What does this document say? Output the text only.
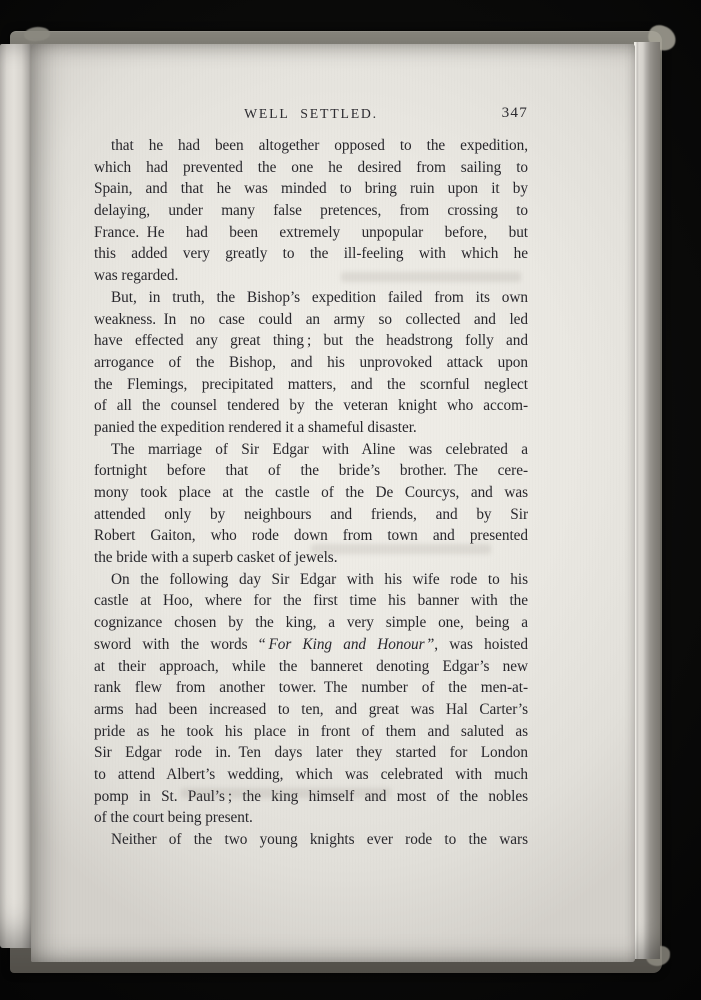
WELL SETTLED.	347
that he had been altogether opposed to the expedition,
which had prevented the one he desired from sailing to
Spain, and that he was minded to bring ruin upon it by
delaying, under many false pretences, from crossing to
France. He had been extremely unpopular before, but
this added very greatly to the ill-feeling with which he
was regarded.
But, in truth, the Bishop’s expedition failed from its own
weakness. In no case could an army so collected and led
have effected any great thing ; but the headstrong folly and
arrogance of the Bishop, and his unprovoked attack upon
the Flemings, precipitated matters, and the scornful neglect
of all the counsel tendered by the veteran knight who accom-
panied the expedition rendered it a shameful disaster.
The marriage of Sir Edgar with Aline was celebrated a
fortnight before that of the bride’s brother. The cere-
mony took place at the castle of the De Courcys, and was
attended only by neighbours and friends, and by Sir
Robert Gaiton, who rode down from town and presented
the bride with a superb casket of jewels.
On the following day Sir Edgar with his wife rode to his
castle at Hoo, where for the first time his banner with the
cognizance chosen by the king, a very simple one, being a
sword with the words “ For King and Honour ”, was hoisted
at their approach, while the banneret denoting Edgar’s new
rank flew from another tower. The number of the men-at-
arms had been increased to ten, and great was Hal Carter’s
pride as he took his place in front of them and saluted as
Sir Edgar rode in. Ten days later they started for London
to attend Albert’s wedding, which was celebrated with much
pomp in St. Paul’s ; the king himself and most of the nobles
of the court being present.
Neither of the two young knights ever rode to the wars
